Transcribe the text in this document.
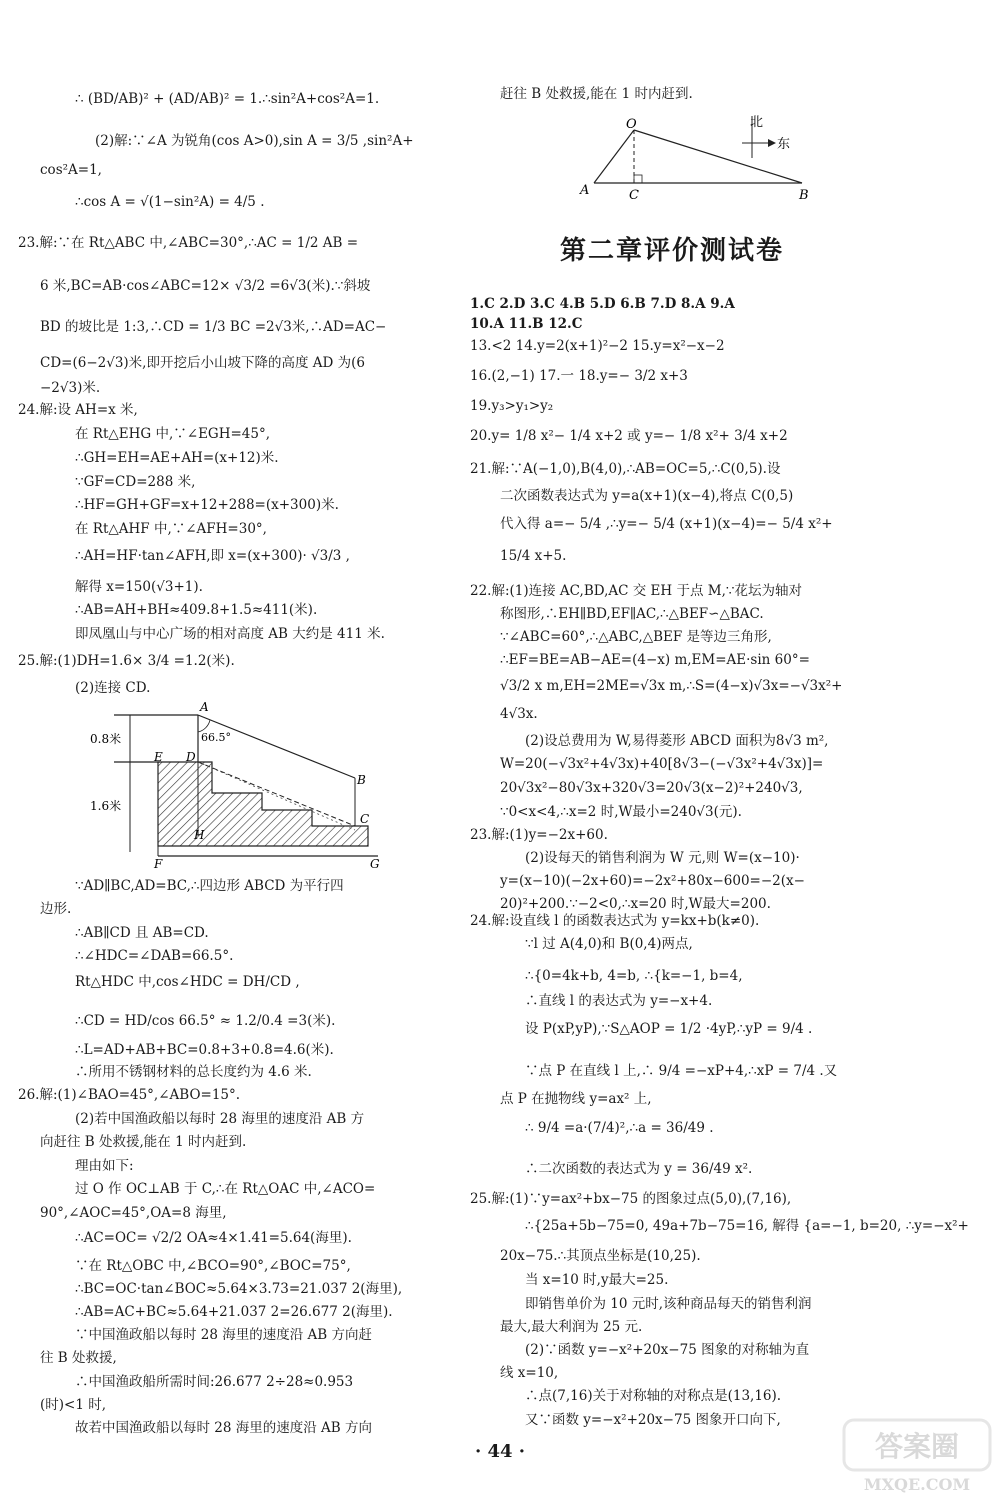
∴ (BD/AB)² + (AD/AB)² = 1.∴sin²A+cos²A=1.
(2)解:∵∠A 为锐角(cos A>0),sin A = 3/5 ,sin²A+
cos²A=1,
∴cos A = √(1−sin²A) = 4/5 .
23.解:∵在 Rt△ABC 中,∠ABC=30°,∴AC = 1/2 AB =
6 米,BC=AB·cos∠ABC=12× √3/2 =6√3(米).∵斜坡
BD 的坡比是 1:3,∴CD = 1/3 BC =2√3米,∴AD=AC−
CD=(6−2√3)米,即开挖后小山坡下降的高度 AD 为(6
−2√3)米.
24.解:设 AH=x 米,
在 Rt△EHG 中,∵∠EGH=45°,
∴GH=EH=AE+AH=(x+12)米.
∵GF=CD=288 米,
∴HF=GH+GF=x+12+288=(x+300)米.
在 Rt△AHF 中,∵∠AFH=30°,
∴AH=HF·tan∠AFH,即 x=(x+300)· √3/3 ,
解得 x=150(√3+1).
∴AB=AH+BH≈409.8+1.5≈411(米).
即凤凰山与中心广场的相对高度 AB 大约是 411 米.
25.解:(1)DH=1.6× 3/4 =1.2(米).
(2)连接 CD.
A
66.5°
B
C
D
E
F	G
H
0.8米
1.6米
∵AD∥BC,AD=BC,∴四边形 ABCD 为平行四
边形.
∴AB∥CD 且 AB=CD.
∴∠HDC=∠DAB=66.5°.
Rt△HDC 中,cos∠HDC = DH/CD ,
∴CD = HD/cos 66.5° ≈ 1.2/0.4 =3(米).
∴L=AD+AB+BC=0.8+3+0.8=4.6(米).
∴所用不锈钢材料的总长度约为 4.6 米.
26.解:(1)∠BAO=45°,∠ABO=15°.
(2)若中国渔政船以每时 28 海里的速度沿 AB 方
向赶往 B 处救援,能在 1 时内赶到.
理由如下:
过 O 作 OC⊥AB 于 C,∴在 Rt△OAC 中,∠ACO=
90°,∠AOC=45°,OA=8 海里,
∴AC=OC= √2/2 OA≈4×1.41=5.64(海里).
∵在 Rt△OBC 中,∠BCO=90°,∠BOC=75°,
∴BC=OC·tan∠BOC≈5.64×3.73=21.037 2(海里),
∴AB=AC+BC≈5.64+21.037 2=26.677 2(海里).
∵中国渔政船以每时 28 海里的速度沿 AB 方向赶
往 B 处救援,
∴中国渔政船所需时间:26.677 2÷28≈0.953
(时)<1 时,
故若中国渔政船以每时 28 海里的速度沿 AB 方向
赶往 B 处救援,能在 1 时内赶到.
O
A	C	B
北
东
第二章评价测试卷
1.C 2.D 3.C 4.B 5.D 6.B 7.D 8.A 9.A
10.A 11.B 12.C
13.<2 14.y=2(x+1)²−2 15.y=x²−x−2
16.(2,−1) 17.一 18.y=− 3/2 x+3
19.y₃>y₁>y₂
20.y= 1/8 x²− 1/4 x+2 或 y=− 1/8 x²+ 3/4 x+2
21.解:∵A(−1,0),B(4,0),∴AB=OC=5,∴C(0,5).设
二次函数表达式为 y=a(x+1)(x−4),将点 C(0,5)
代入得 a=− 5/4 ,∴y=− 5/4 (x+1)(x−4)=− 5/4 x²+
15/4 x+5.
22.解:(1)连接 AC,BD,AC 交 EH 于点 M,∵花坛为轴对
称图形,∴EH∥BD,EF∥AC,∴△BEF∽△BAC.
∵∠ABC=60°,∴△ABC,△BEF 是等边三角形,
∴EF=BE=AB−AE=(4−x) m,EM=AE·sin 60°=
√3/2 x m,EH=2ME=√3x m,∴S=(4−x)√3x=−√3x²+
4√3x.
(2)设总费用为 W,易得菱形 ABCD 面积为8√3 m²,
W=20(−√3x²+4√3x)+40[8√3−(−√3x²+4√3x)]=
20√3x²−80√3x+320√3=20√3(x−2)²+240√3,
∵0<x<4,∴x=2 时,W最小=240√3(元).
23.解:(1)y=−2x+60.
(2)设每天的销售利润为 W 元,则 W=(x−10)·
y=(x−10)(−2x+60)=−2x²+80x−600=−2(x−
20)²+200.∵−2<0,∴x=20 时,W最大=200.
24.解:设直线 l 的函数表达式为 y=kx+b(k≠0).
∵l 过 A(4,0)和 B(0,4)两点,
∴{0=4k+b, 4=b, ∴{k=−1, b=4,
∴直线 l 的表达式为 y=−x+4.
设 P(xP,yP),∵S△AOP = 1/2 ·4yP,∴yP = 9/4 .
∵点 P 在直线 l 上,∴ 9/4 =−xP+4,∴xP = 7/4 .又
点 P 在抛物线 y=ax² 上,
∴ 9/4 =a·(7/4)²,∴a = 36/49 .
∴二次函数的表达式为 y = 36/49 x².
25.解:(1)∵y=ax²+bx−75 的图象过点(5,0),(7,16),
∴{25a+5b−75=0, 49a+7b−75=16, 解得 {a=−1, b=20, ∴y=−x²+
20x−75.∴其顶点坐标是(10,25).
当 x=10 时,y最大=25.
即销售单价为 10 元时,该种商品每天的销售利润
最大,最大利润为 25 元.
(2)∵函数 y=−x²+20x−75 图象的对称轴为直
线 x=10,
∴点(7,16)关于对称轴的对称点是(13,16).
又∵函数 y=−x²+20x−75 图象开口向下,
· 44 ·	答案圈
MXQE.COM
